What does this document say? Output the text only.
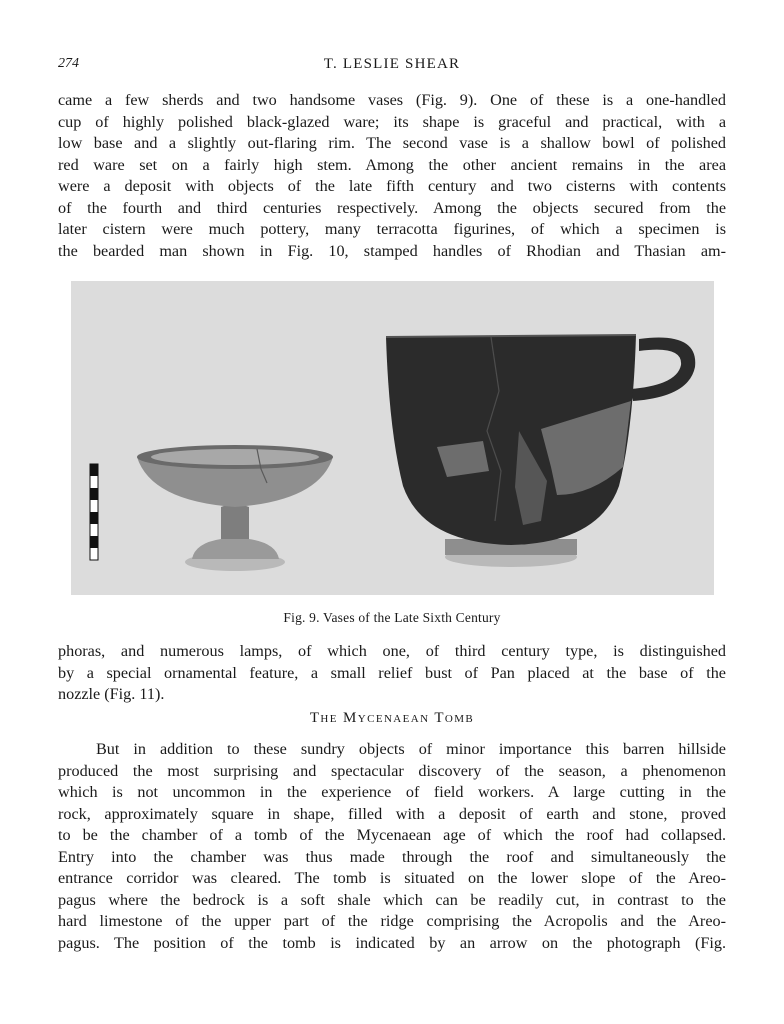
274	T. LESLIE SHEAR

came a few sherds and two handsome vases (Fig. 9). One of these is a one-handled
cup of highly polished black-glazed ware; its shape is graceful and practical, with a
low base and a slightly out-flaring rim. The second vase is a shallow bowl of polished
red ware set on a fairly high stem. Among the other ancient remains in the area
were a deposit with objects of the late fifth century and two cisterns with contents
of the fourth and third centuries respectively. Among the objects secured from the
later cistern were much pottery, many terracotta figurines, of which a specimen is
the bearded man shown in Fig. 10, stamped handles of Rhodian and Thasian am-

Fig. 9. Vases of the Late Sixth Century

phoras, and numerous lamps, of which one, of third century type, is distinguished
by a special ornamental feature, a small relief bust of Pan placed at the base of the
nozzle (Fig. 11).

The Mycenaean Tomb

But in addition to these sundry objects of minor importance this barren hillside
produced the most surprising and spectacular discovery of the season, a phenomenon
which is not uncommon in the experience of field workers. A large cutting in the
rock, approximately square in shape, filled with a deposit of earth and stone, proved
to be the chamber of a tomb of the Mycenaean age of which the roof had collapsed.
Entry into the chamber was thus made through the roof and simultaneously the
entrance corridor was cleared. The tomb is situated on the lower slope of the Areo-
pagus where the bedrock is a soft shale which can be readily cut, in contrast to the
hard limestone of the upper part of the ridge comprising the Acropolis and the Areo-
pagus. The position of the tomb is indicated by an arrow on the photograph (Fig.
